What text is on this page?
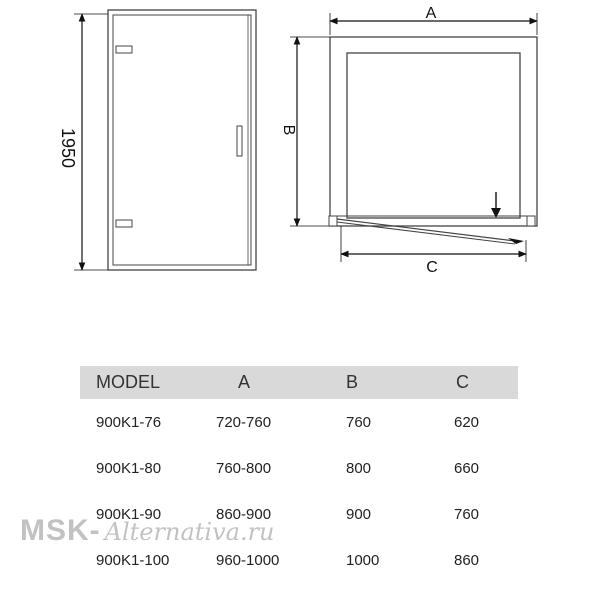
1950
A
B
C
MODEL	A	B	C
900K1-76	720-760	760	620
900K1-80	760-800	800	660
900K1-90	860-900	900	760
900K1-100	960-1000	1000	860
MSK- Alternativa.ru
